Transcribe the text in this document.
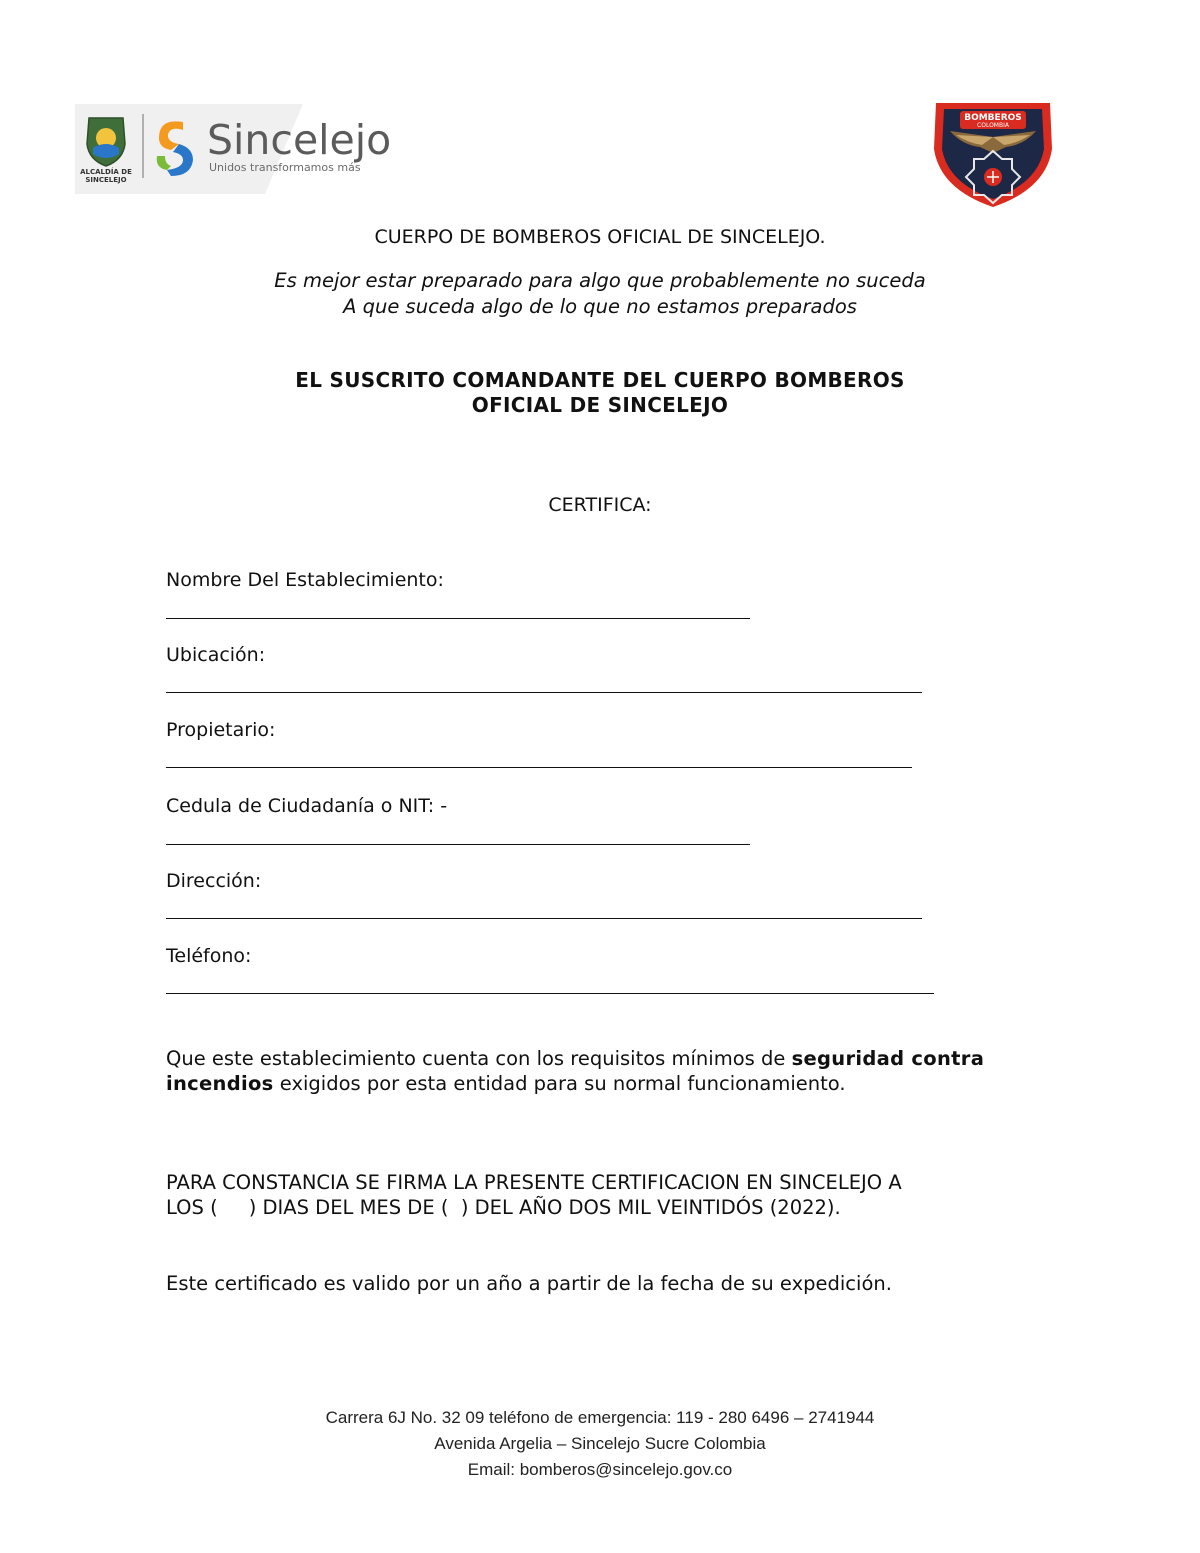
ALCALDÍA DE
SINCELEJO
Sincelejo
Unidos transformamos más
BOMBEROS
COLOMBIA
CUERPO DE BOMBEROS OFICIAL DE SINCELEJO.
Es mejor estar preparado para algo que probablemente no suceda
A que suceda algo de lo que no estamos preparados
EL SUSCRITO COMANDANTE DEL CUERPO BOMBEROS
OFICIAL DE SINCELEJO
CERTIFICA:
Nombre Del Establecimiento:
Ubicación:
Propietario:
Cedula de Ciudadanía o NIT: -
Dirección:
Teléfono:
Que este establecimiento cuenta con los requisitos mínimos de seguridad contra incendios exigidos por esta entidad para su normal funcionamiento.
PARA CONSTANCIA SE FIRMA LA PRESENTE CERTIFICACION EN SINCELEJO A
LOS (     ) DIAS DEL MES DE (  ) DEL AÑO DOS MIL VEINTIDÓS (2022).
Este certificado es valido por un año a partir de la fecha de su expedición.
Carrera 6J No. 32 09 teléfono de emergencia: 119 - 280 6496 – 2741944
Avenida Argelia – Sincelejo Sucre Colombia
Email: bomberos@sincelejo.gov.co
